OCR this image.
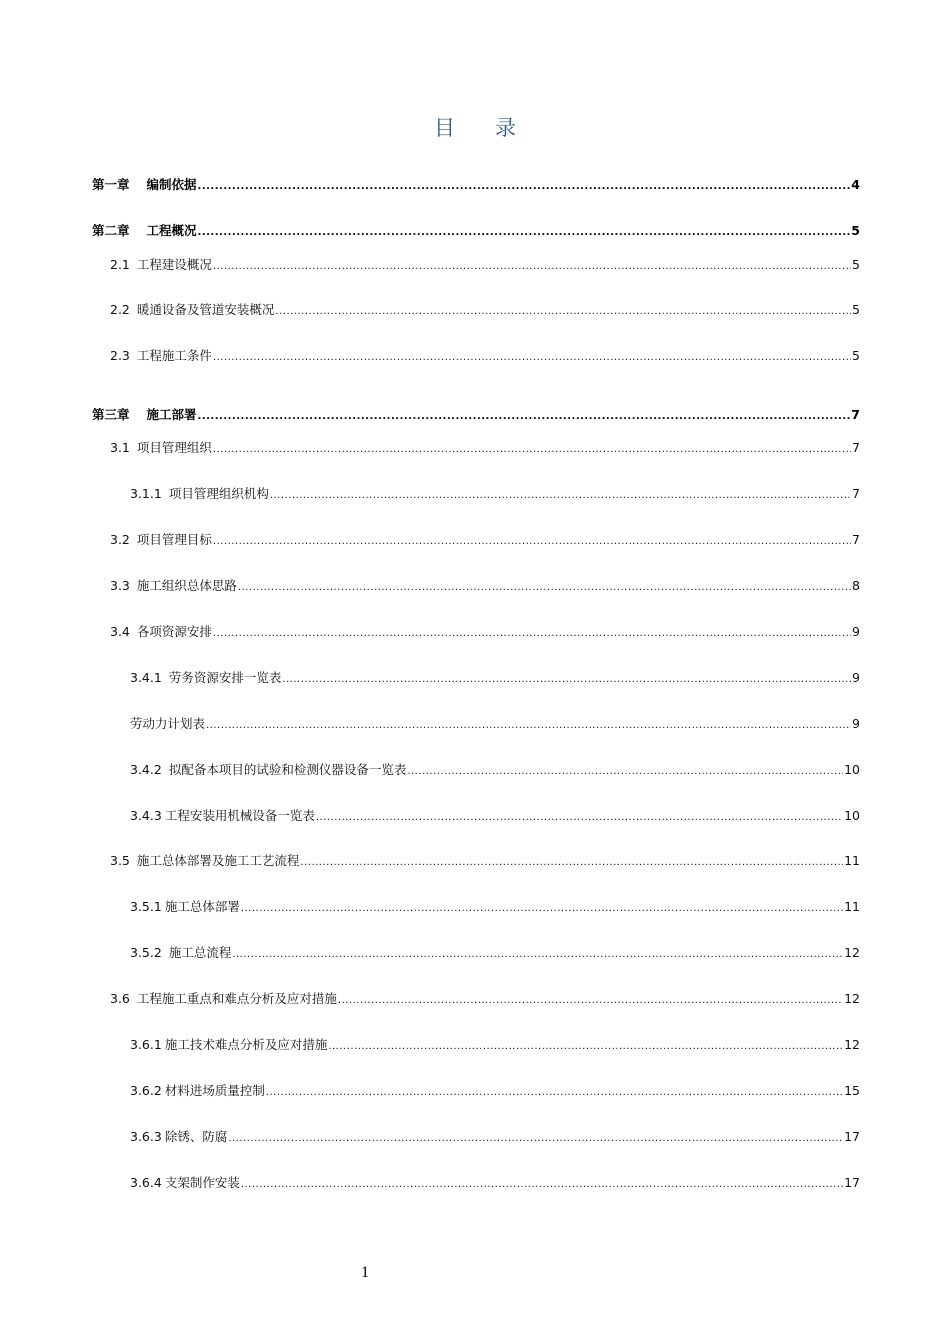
目 录
第一章 编制依据 .....	4
第二章 工程概况 .....	5
2.1 工程建设概况 .....	5
2.2 暖通设备及管道安装概况 .....	5
2.3 工程施工条件 .....	5
第三章 施工部署 .....	7
3.1 项目管理组织 .....	7
3.1.1 项目管理组织机构 .....	7
3.2 项目管理目标 .....	7
3.3 施工组织总体思路 .....	8
3.4 各项资源安排 .....	9
3.4.1 劳务资源安排一览表 .....	9
劳动力计划表 .....	9
3.4.2 拟配备本项目的试验和检测仪器设备一览表 .....	10
3.4.3 工程安装用机械设备一览表 .....	10
3.5 施工总体部署及施工工艺流程 .....	11
3.5.1 施工总体部署 .....	11
3.5.2 施工总流程 .....	12
3.6 工程施工重点和难点分析及应对措施 .....	12
3.6.1 施工技术难点分析及应对措施 .....	12
3.6.2 材料进场质量控制 .....	15
3.6.3 除锈、防腐 .....	17
3.6.4 支架制作安装 .....	17
1
